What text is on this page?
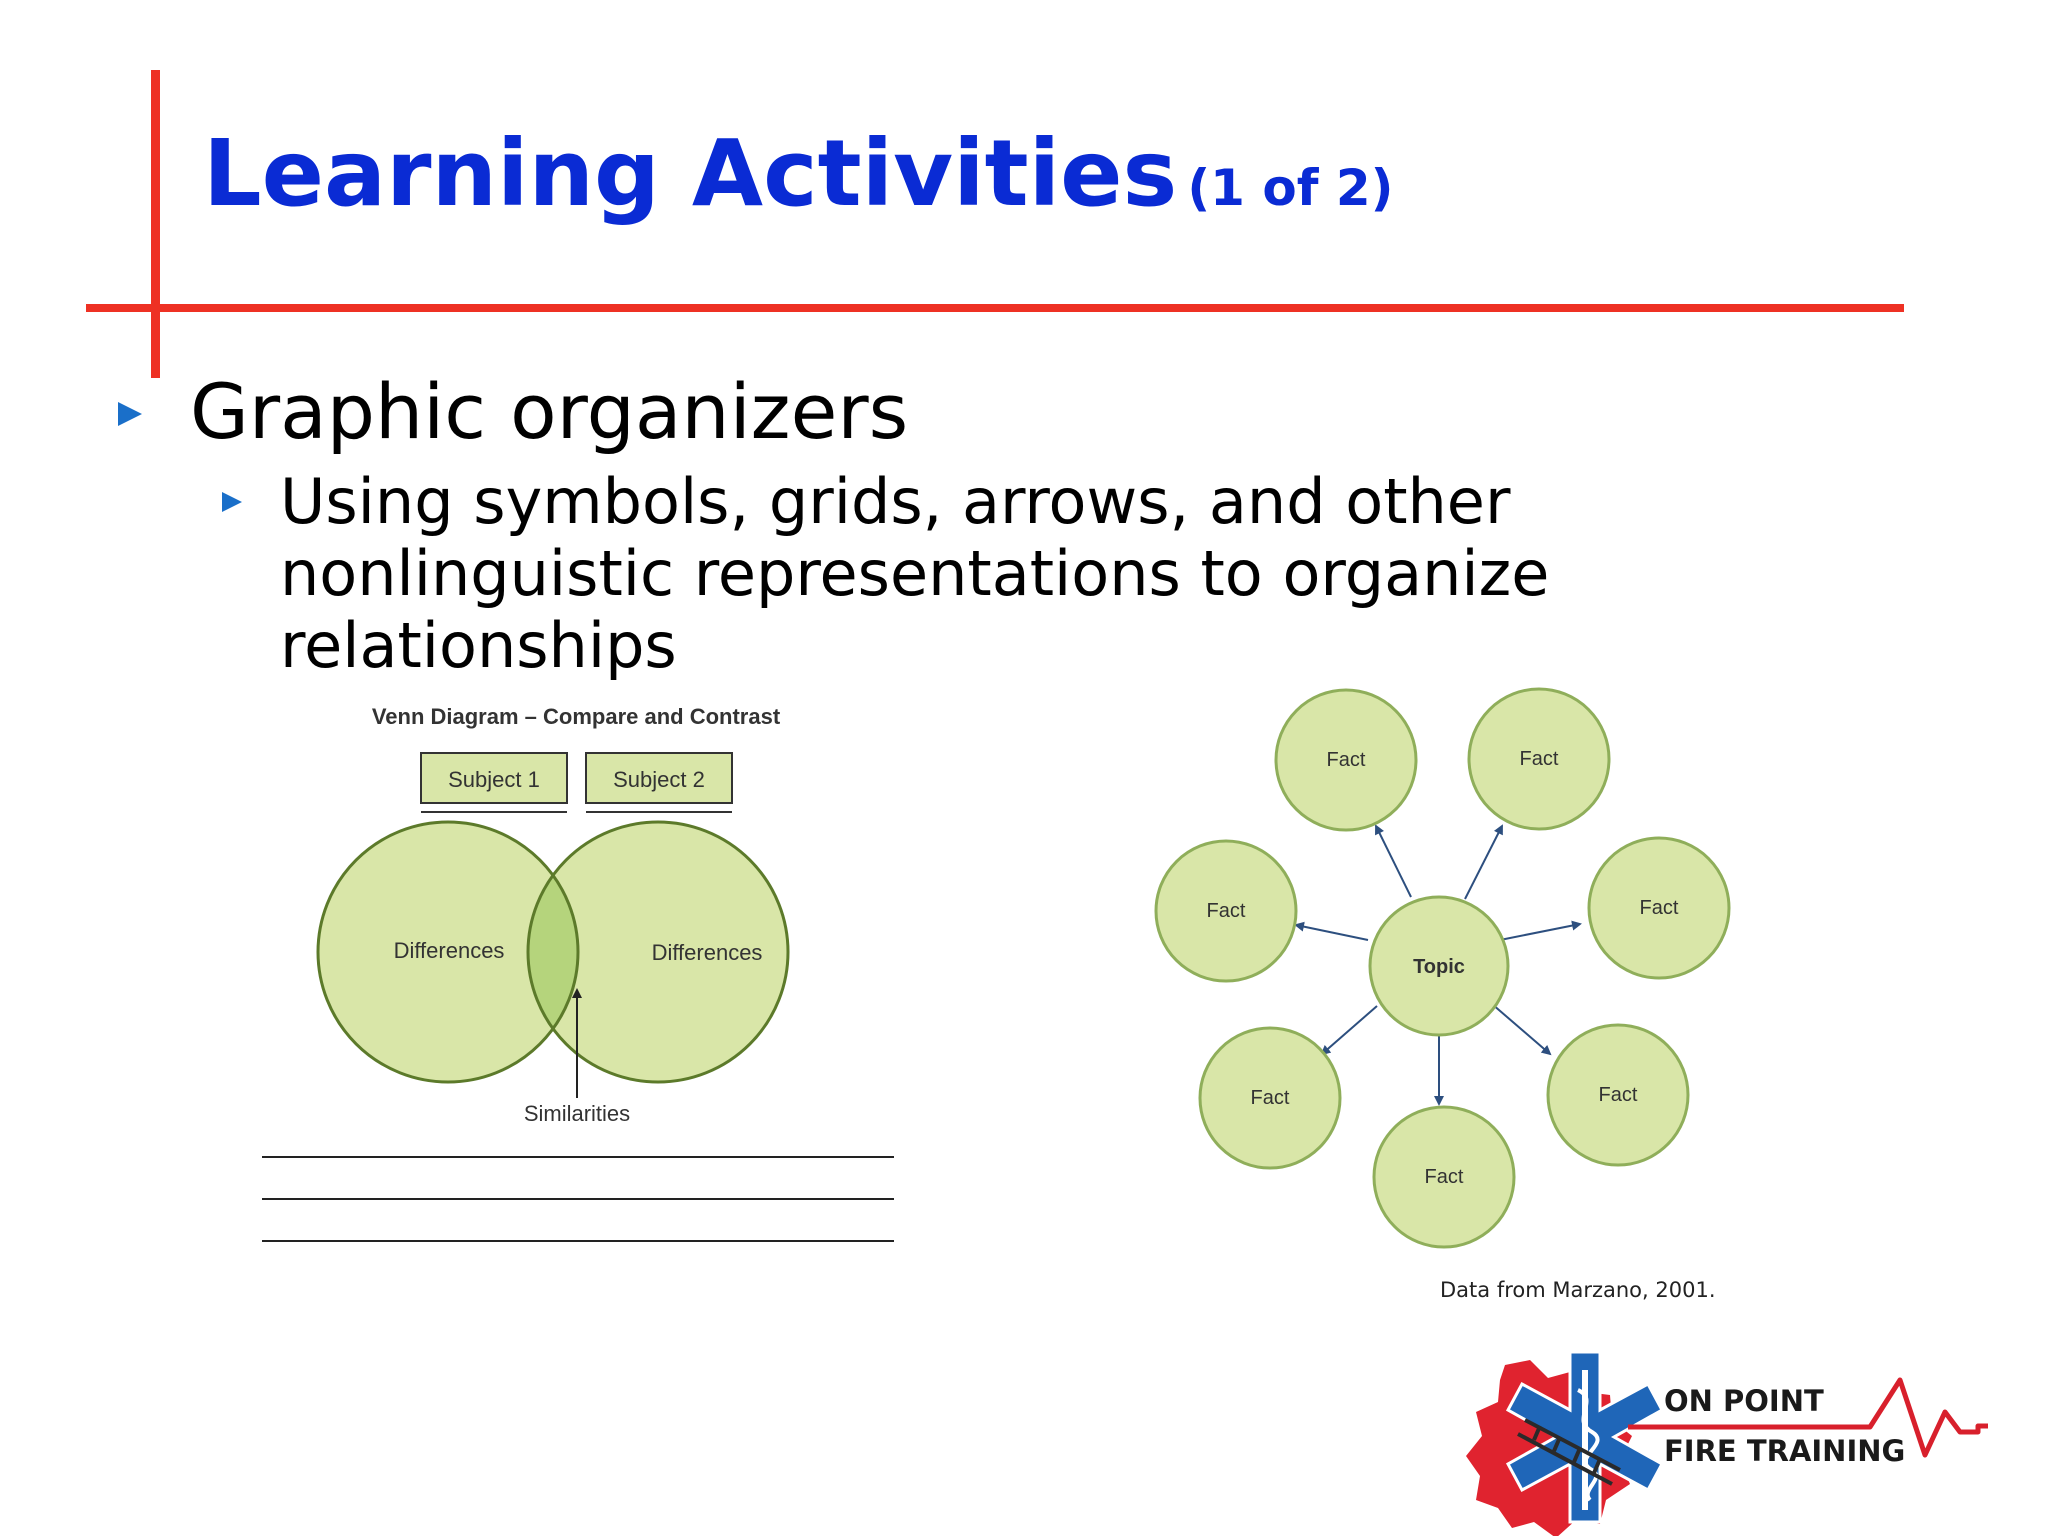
Learning Activities (1 of 2)

Graphic organizers

Using symbols, grids, arrows, and other nonlinguistic representations to organize relationships

Venn Diagram – Compare and Contrast
Subject 1	Subject 2
Differences	Differences
Similarities
Fact	Fact
Fact	Fact
Topic
Fact	Fact
Fact

Data from Marzano, 2001.

ON POINT

FIRE TRAINING
